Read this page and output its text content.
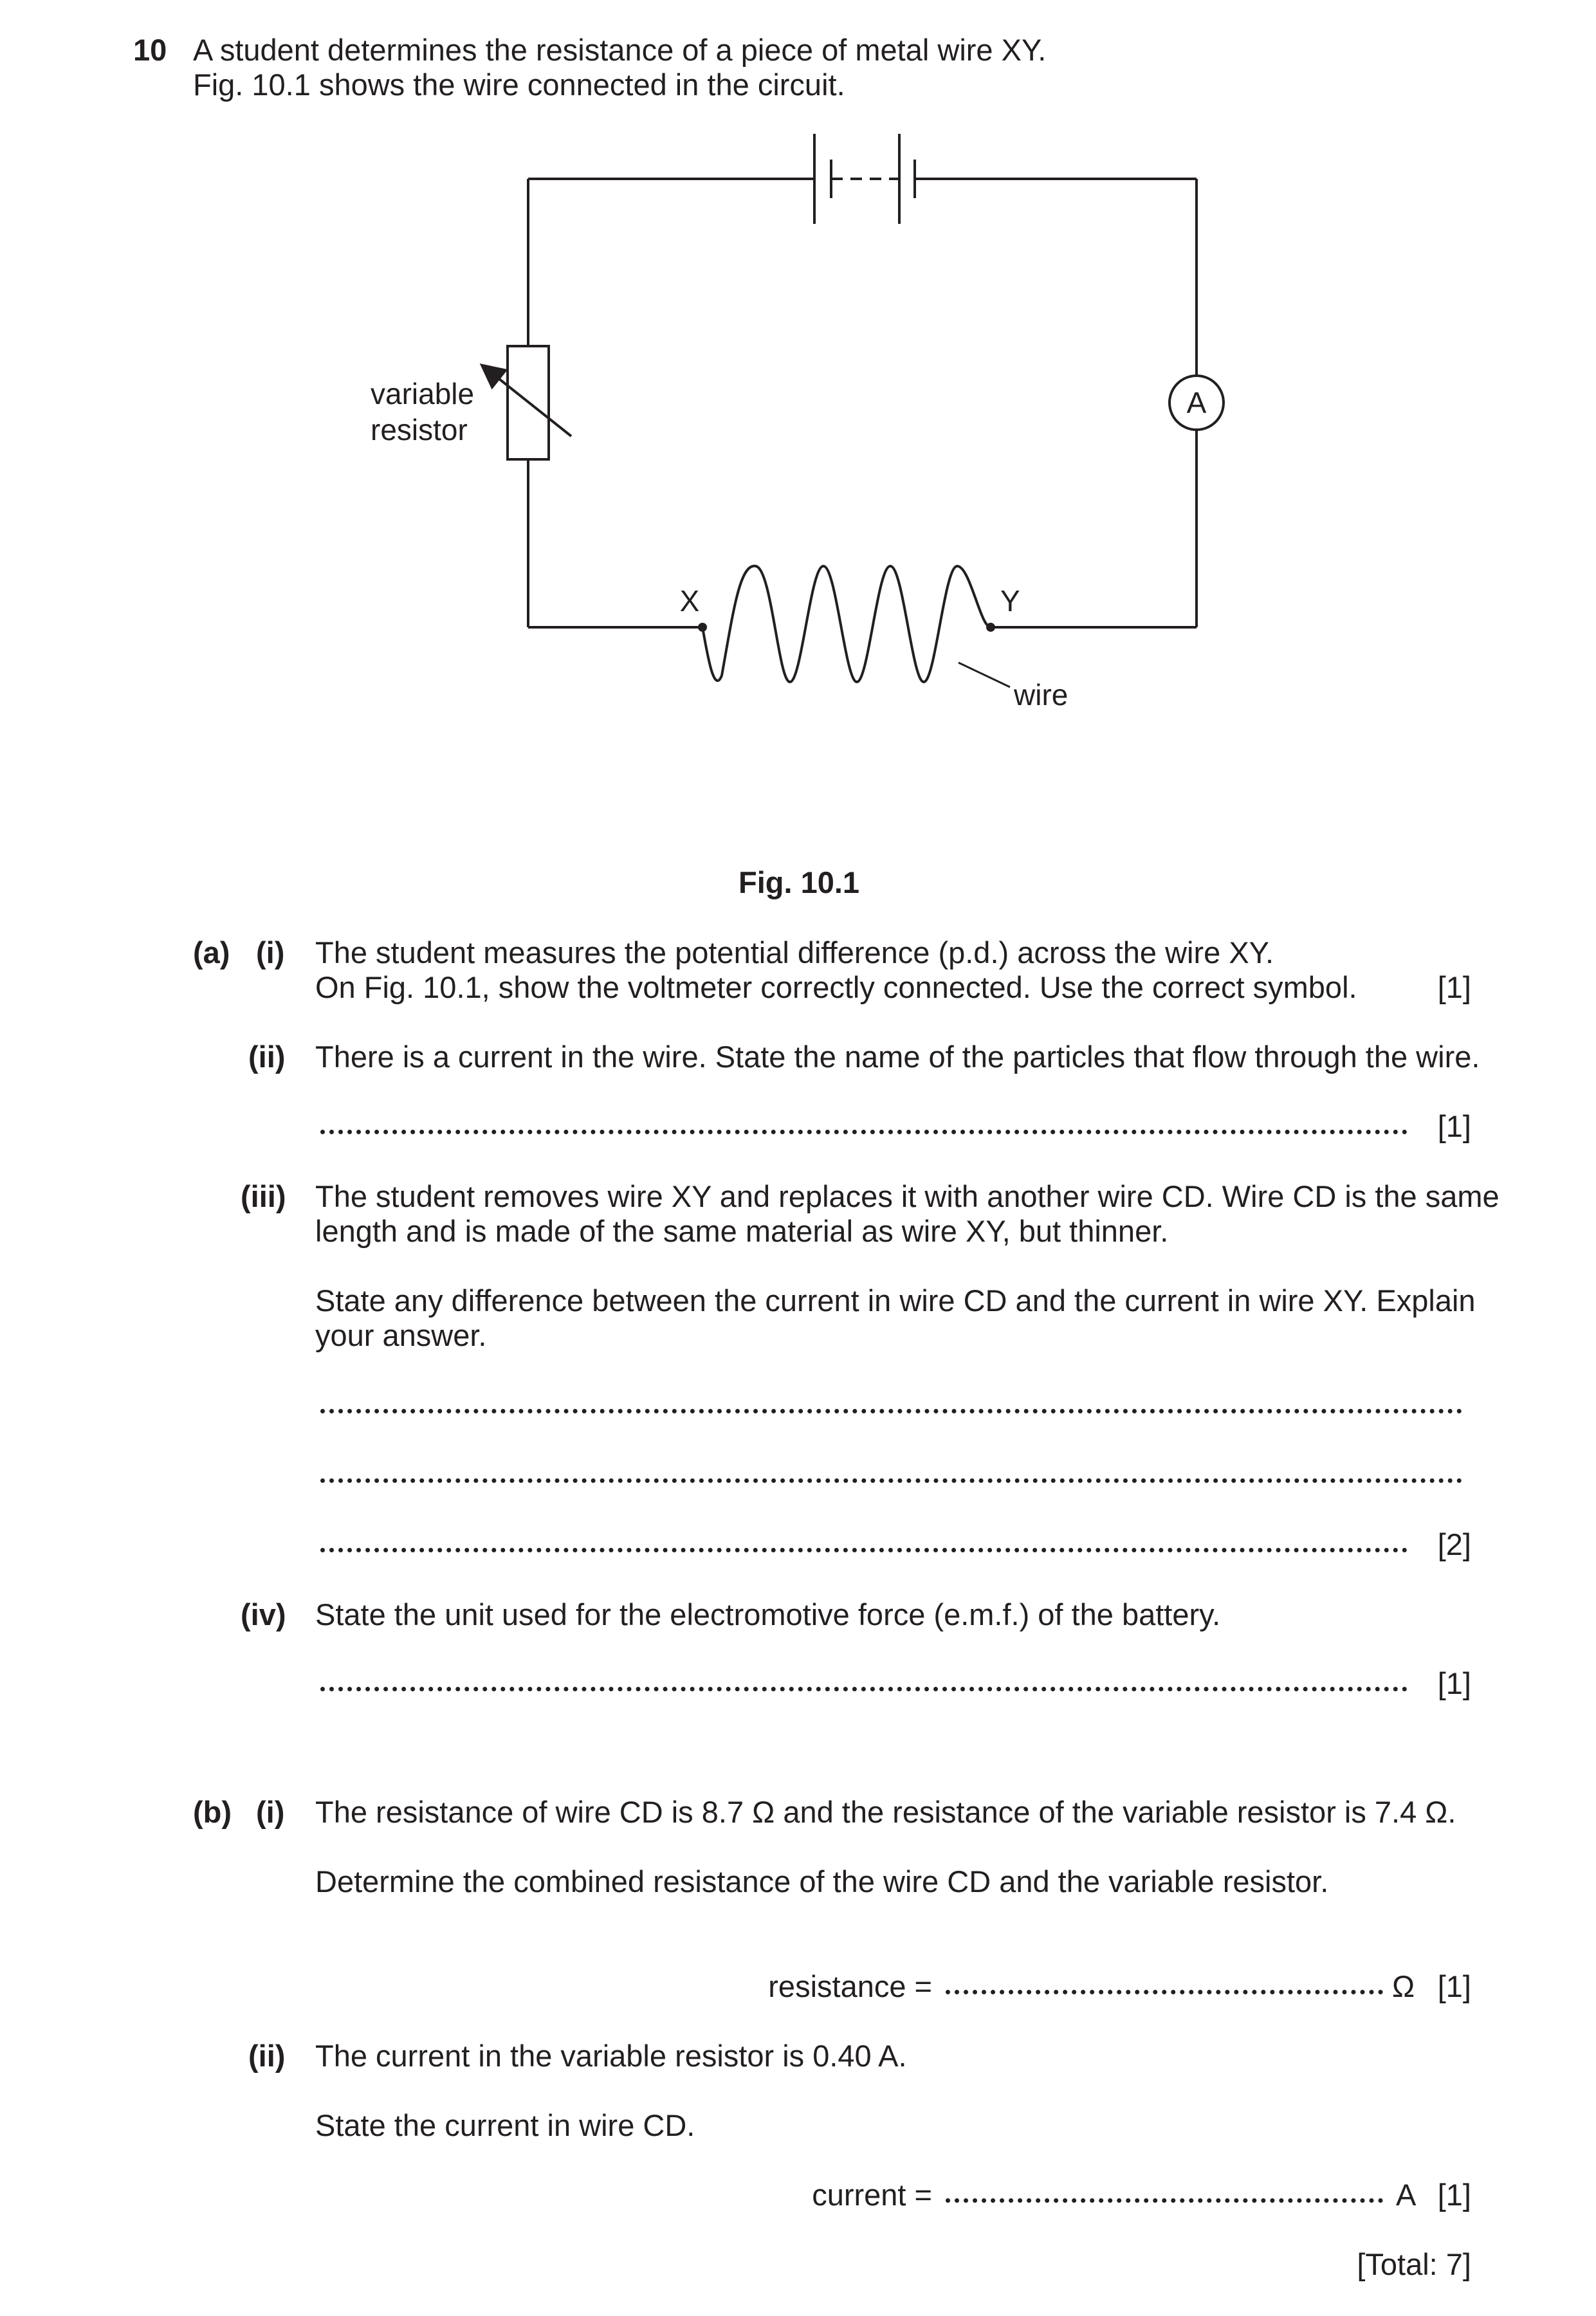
10 A student determines the resistance of a piece of metal wire XY.
Fig. 10.1 shows the wire connected in the circuit.
A
X	Y
wire
variable
resistor
Fig. 10.1
(a) (i) The student measures the potential difference (p.d.) across the wire XY.
On Fig. 10.1, show the voltmeter correctly connected. Use the correct symbol.	[1]
(ii) There is a current in the wire. State the name of the particles that flow through the wire.
[1]
(iii) The student removes wire XY and replaces it with another wire CD. Wire CD is the same
length and is made of the same material as wire XY, but thinner.
State any difference between the current in wire CD and the current in wire XY. Explain
your answer.
[2]
(iv) State the unit used for the electromotive force (e.m.f.) of the battery.
[1]
(b) (i) The resistance of wire CD is 8.7 Ω and the resistance of the variable resistor is 7.4 Ω.
Determine the combined resistance of the wire CD and the variable resistor.
resistance =	Ω [1]
(ii) The current in the variable resistor is 0.40 A.
State the current in wire CD.
current =	A [1]
[Total: 7]
